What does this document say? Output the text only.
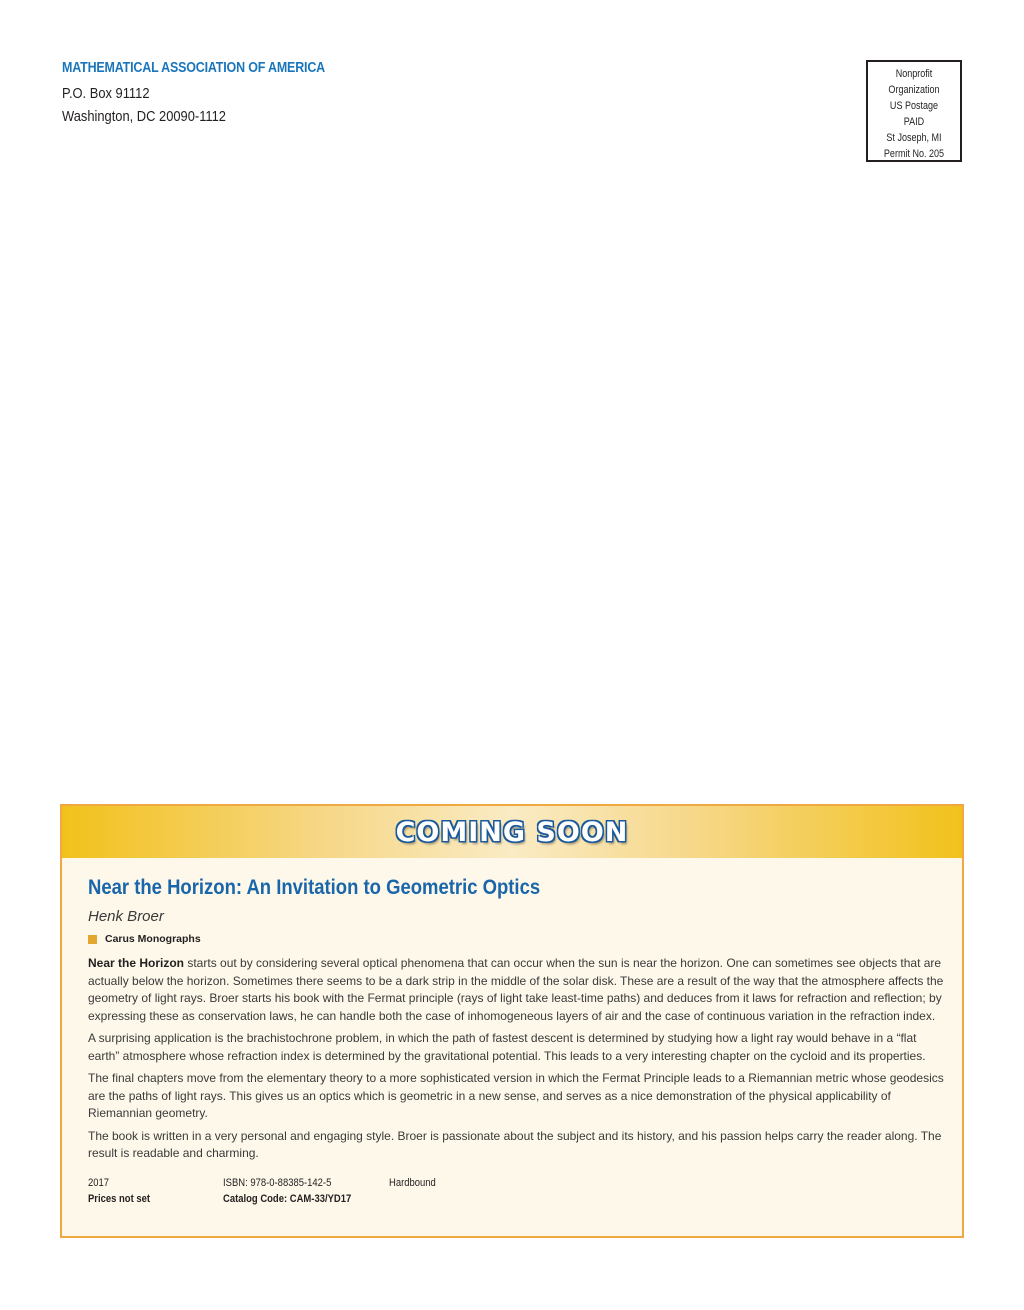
MATHEMATICAL ASSOCIATION OF AMERICA
P.O. Box 91112
Washington, DC 20090-1112
Nonprofit
Organization
US Postage
PAID
St Joseph, MI
Permit No. 205
COMING SOON
Near the Horizon: An Invitation to Geometric Optics
Henk Broer
Carus Monographs

Near the Horizon starts out by considering several optical phenomena that can occur when the sun is near the horizon. One can sometimes see objects that are actually below the horizon. Sometimes there seems to be a dark strip in the middle of the solar disk. These are a result of the way that the atmosphere affects the geometry of light rays. Broer starts his book with the Fermat principle (rays of light take least-time paths) and deduces from it laws for refraction and reflection; by expressing these as conservation laws, he can handle both the case of inhomogeneous layers of air and the case of continuous variation in the refraction index.

A surprising application is the brachistochrone problem, in which the path of fastest descent is determined by studying how a light ray would behave in a “flat earth” atmosphere whose refraction index is determined by the gravitational potential. This leads to a very interesting chapter on the cycloid and its properties.

The final chapters move from the elementary theory to a more sophisticated version in which the Fermat Principle leads to a Riemannian metric whose geodesics are the paths of light rays. This gives us an optics which is geometric in a new sense, and serves as a nice demonstration of the physical applicability of Riemannian geometry.

The book is written in a very personal and engaging style. Broer is passionate about the subject and its history, and his passion helps carry the reader along. The result is readable and charming.

2017	ISBN: 978-0-88385-142-5	Hardbound
Prices not set	Catalog Code: CAM-33/YD17
